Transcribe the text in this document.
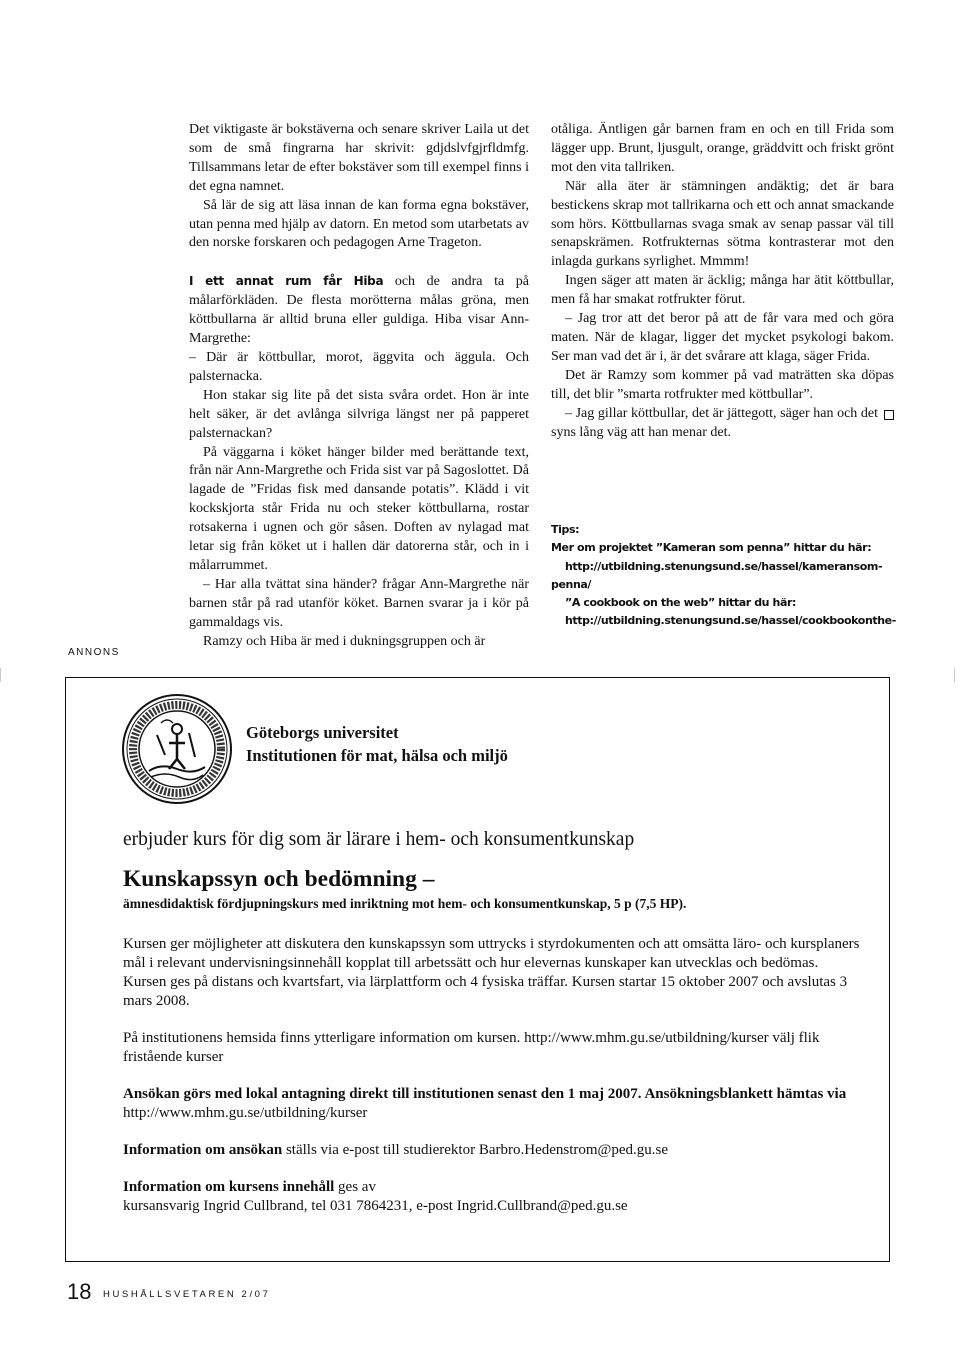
Det viktigaste är bokstäverna och senare skriver Laila ut det som de små fingrarna har skrivit: gdjdslvfgjrfldmfg. Tillsammans letar de efter bokstäver som till exempel finns i det egna namnet.

Så lär de sig att läsa innan de kan forma egna bokstäver, utan penna med hjälp av datorn. En metod som utarbetats av den norske forskaren och pedagogen Arne Trageton.

I ett annat rum får Hiba och de andra ta på målarförkläden. De flesta morötterna målas gröna, men köttbullarna är alltid bruna eller guldiga. Hiba visar Ann-Margrethe:

– Där är köttbullar, morot, äggvita och äggula. Och palsternacka.

Hon stakar sig lite på det sista svåra ordet. Hon är inte helt säker, är det avlånga silvriga längst ner på papperet palsternackan?

På väggarna i köket hänger bilder med berättande text, från när Ann-Margrethe och Frida sist var på Sagoslottet. Då lagade de ”Fridas fisk med dansande potatis”. Klädd i vit kockskjorta står Frida nu och steker köttbullarna, rostar rotsakerna i ugnen och gör såsen. Doften av nylagad mat letar sig från köket ut i hallen där datorerna står, och in i målarrummet.

– Har alla tvättat sina händer? frågar Ann-Margrethe när barnen står på rad utanför köket. Barnen svarar ja i kör på gammaldags vis.

Ramzy och Hiba är med i dukningsgruppen och är

otåliga. Äntligen går barnen fram en och en till Frida som lägger upp. Brunt, ljusgult, orange, gräddvitt och friskt grönt mot den vita tallriken.

När alla äter är stämningen andäktig; det är bara bestickens skrap mot tallrikarna och ett och annat smackande som hörs. Köttbullarnas svaga smak av senap passar väl till senapskrämen. Rotfrukternas sötma kontrasterar mot den inlagda gurkans syrlighet. Mmmm!

Ingen säger att maten är äcklig; många har ätit köttbullar, men få har smakat rotfrukter förut.

– Jag tror att det beror på att de får vara med och göra maten. När de klagar, ligger det mycket psykologi bakom. Ser man vad det är i, är det svårare att klaga, säger Frida.

Det är Ramzy som kommer på vad maträtten ska döpas till, det blir ”smarta rotfrukter med köttbullar”.

– Jag gillar köttbullar, det är jättegott, säger han och det syns lång väg att han menar det.

Tips:
Mer om projektet ”Kameran som penna” hittar du här:
http://utbildning.stenungsund.se/hassel/kameransom-
penna/
”A cookbook on the web” hittar du här:
http://utbildning.stenungsund.se/hassel/cookbookonthe-
ANNONS
Göteborgs universitet
Institutionen för mat, hälsa och miljö
erbjuder kurs för dig som är lärare i hem- och konsumentkunskap
Kunskapssyn och bedömning –
ämnesdidaktisk fördjupningskurs med inriktning mot hem- och konsumentkunskap, 5 p (7,5 HP).

Kursen ger möjligheter att diskutera den kunskapssyn som uttrycks i styrdokumenten och att omsätta läro- och kursplaners mål i relevant undervisningsinnehåll kopplat till arbetssätt och hur elevernas kunskaper kan utvecklas och bedömas. Kursen ges på distans och kvartsfart, via lärplattform och 4 fysiska träffar. Kursen startar 15 oktober 2007 och avslutas 3 mars 2008.

På institutionens hemsida finns ytterligare information om kursen. http://www.mhm.gu.se/utbildning/kurser välj flik fristående kurser

Ansökan görs med lokal antagning direkt till institutionen senast den 1 maj 2007. Ansökningsblankett hämtas via http://www.mhm.gu.se/utbildning/kurser

Information om ansökan ställs via e-post till studierektor Barbro.Hedenstrom@ped.gu.se

Information om kursens innehåll ges av
kursansvarig Ingrid Cullbrand, tel 031 7864231, e-post Ingrid.Cullbrand@ped.gu.se

18 HUSHÅLLSVETAREN 2/07
